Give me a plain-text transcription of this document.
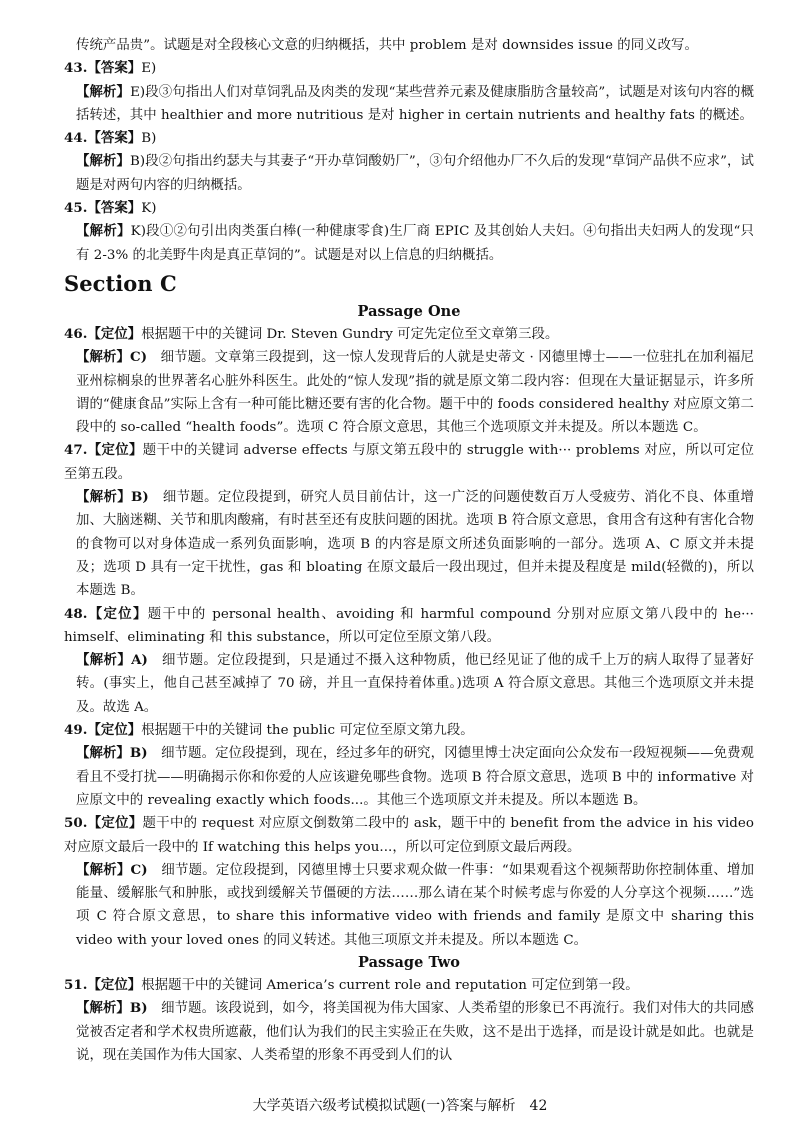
传统产品贵”。试题是对全段核心文意的归纳概括，共中 problem 是对 downsides issue 的同义改写。
43.【答案】E)
【解析】E)段③句指出人们对草饲乳品及肉类的发现“某些营养元素及健康脂肪含量较高”，试题是对该句内容的概括转述，其中 healthier and more nutritious 是对 higher in certain nutrients and healthy fats 的概述。
44.【答案】B)
【解析】B)段②句指出约瑟夫与其妻子“开办草饲酸奶厂”，③句介绍他办厂不久后的发现“草饲产品供不应求”，试题是对两句内容的归纳概括。
45.【答案】K)
【解析】K)段①②句引出肉类蛋白棒(一种健康零食)生厂商 EPIC 及其创始人夫妇。④句指出夫妇两人的发现“只有 2-3% 的北美野牛肉是真正草饲的”。试题是对以上信息的归纳概括。
Section C
Passage One
46.【定位】根据题干中的关键词 Dr. Steven Gundry 可定先定位至文章第三段。
【解析】C)　细节题。文章第三段提到，这一惊人发现背后的人就是史蒂文 · 冈德里博士——一位驻扎在加利福尼亚州棕榈泉的世界著名心脏外科医生。此处的“惊人发现”指的就是原文第二段内容：但现在大量证据显示，许多所谓的“健康食品”实际上含有一种可能比糖还要有害的化合物。题干中的 foods considered healthy 对应原文第二段中的 so-called “health foods”。选项 C 符合原文意思，其他三个选项原文并未提及。所以本题选 C。
47.【定位】题干中的关键词 adverse effects 与原文第五段中的 struggle with··· problems 对应，所以可定位至第五段。
【解析】B)　细节题。定位段提到，研究人员目前估计，这一广泛的问题使数百万人受疲劳、消化不良、体重增加、大脑迷糊、关节和肌肉酸痛，有时甚至还有皮肤问题的困扰。选项 B 符合原文意思，食用含有这种有害化合物的食物可以对身体造成一系列负面影响，选项 B 的内容是原文所述负面影响的一部分。选项 A、C 原文并未提及；选项 D 具有一定干扰性，gas 和 bloating 在原文最后一段出现过，但并未提及程度是 mild(轻微的)，所以本题选 B。
48.【定位】题干中的 personal health、avoiding 和 harmful compound 分别对应原文第八段中的 he··· himself、eliminating 和 this substance，所以可定位至原文第八段。
【解析】A)　细节题。定位段提到，只是通过不摄入这种物质，他已经见证了他的成千上万的病人取得了显著好转。(事实上，他自己甚至减掉了 70 磅，并且一直保持着体重。)选项 A 符合原文意思。其他三个选项原文并未提及。故选 A。
49.【定位】根据题干中的关键词 the public 可定位至原文第九段。
【解析】B)　细节题。定位段提到，现在，经过多年的研究，冈德里博士决定面向公众发布一段短视频——免费观看且不受打扰——明确揭示你和你爱的人应该避免哪些食物。选项 B 符合原文意思，选项 B 中的 informative 对应原文中的 revealing exactly which foods...。其他三个选项原文并未提及。所以本题选 B。
50.【定位】题干中的 request 对应原文倒数第二段中的 ask，题干中的 benefit from the advice in his video 对应原文最后一段中的 If watching this helps you...，所以可定位到原文最后两段。
【解析】C)　细节题。定位段提到，冈德里博士只要求观众做一件事：“如果观看这个视频帮助你控制体重、增加能量、缓解胀气和肿胀，或找到缓解关节僵硬的方法……那么请在某个时候考虑与你爱的人分享这个视频……”选项 C 符合原文意思，to share this informative video with friends and family 是原文中 sharing this video with your loved ones 的同义转述。其他三项原文并未提及。所以本题选 C。
Passage Two
51.【定位】根据题干中的关键词 America’s current role and reputation 可定位到第一段。
【解析】B)　细节题。该段说到，如今，将美国视为伟大国家、人类希望的形象已不再流行。我们对伟大的共同感觉被否定者和学术权贵所遮蔽，他们认为我们的民主实验正在失败，这不是出于选择，而是设计就是如此。也就是说，现在美国作为伟大国家、人类希望的形象不再受到人们的认
大学英语六级考试模拟试题(一)答案与解析　42
